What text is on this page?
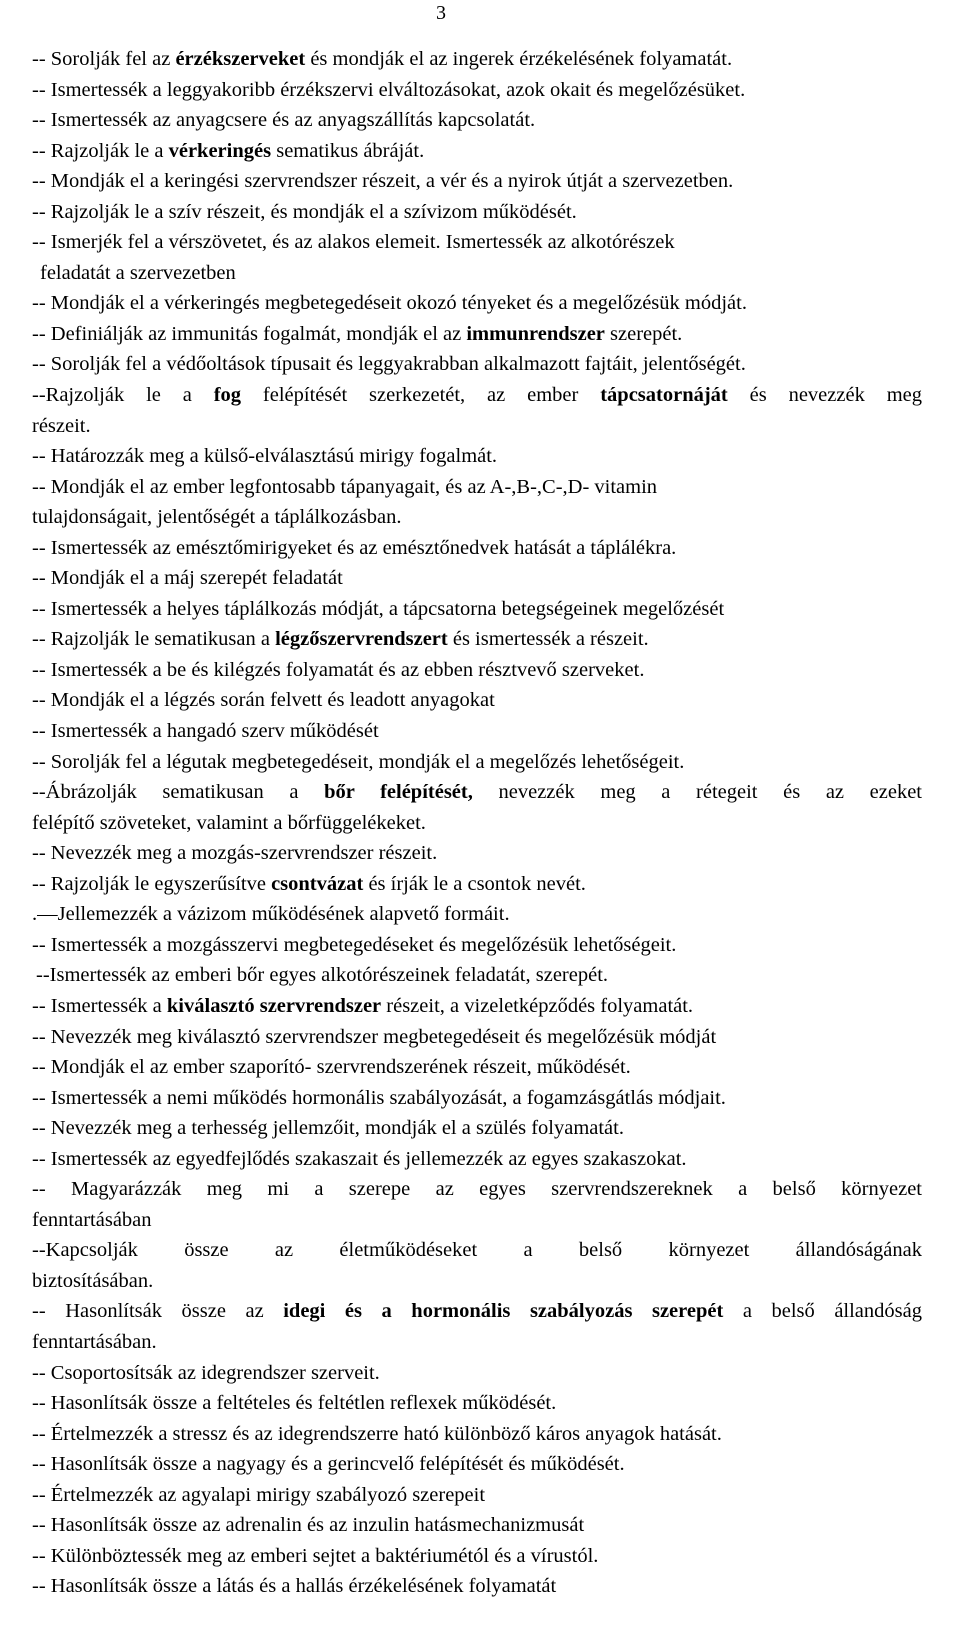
3
-- Sorolják fel az érzékszerveket és mondják el az ingerek érzékelésének folyamatát.
-- Ismertessék a leggyakoribb érzékszervi elváltozásokat, azok okait és megelőzésüket.
-- Ismertessék az anyagcsere és az anyagszállítás kapcsolatát.
-- Rajzolják le a vérkeringés sematikus ábráját.
-- Mondják el a keringési szervrendszer részeit, a vér és a nyirok útját a szervezetben.
-- Rajzolják le a szív részeit, és mondják el a szívizom működését.
-- Ismerjék fel a vérszövetet, és az alakos elemeit. Ismertessék az alkotórészek
feladatát a szervezetben
-- Mondják el a vérkeringés megbetegedéseit okozó tényeket és a megelőzésük módját.
-- Definiálják az immunitás fogalmát, mondják el az immunrendszer szerepét.
-- Sorolják fel a védőoltások típusait és leggyakrabban alkalmazott fajtáit, jelentőségét.
--Rajzolják le a fog felépítését szerkezetét, az ember tápcsatornáját és nevezzék meg
részeit.
-- Határozzák meg a külső-elválasztású mirigy fogalmát.
-- Mondják el az ember legfontosabb tápanyagait, és az A-,B-,C-,D- vitamin
tulajdonságait, jelentőségét a táplálkozásban.
-- Ismertessék az emésztőmirigyeket és az emésztőnedvek hatását a táplálékra.
-- Mondják el a máj szerepét feladatát
-- Ismertessék a helyes táplálkozás módját, a tápcsatorna betegségeinek megelőzését
-- Rajzolják le sematikusan a légzőszervrendszert és ismertessék a részeit.
-- Ismertessék a be és kilégzés folyamatát és az ebben résztvevő szerveket.
-- Mondják el a légzés során felvett és leadott anyagokat
-- Ismertessék a hangadó szerv működését
-- Sorolják fel a légutak megbetegedéseit, mondják el a megelőzés lehetőségeit.
--Ábrázolják sematikusan a bőr felépítését, nevezzék meg a rétegeit és az ezeket
felépítő szöveteket, valamint a bőrfüggelékeket.
-- Nevezzék meg a mozgás-szervrendszer részeit.
-- Rajzolják le egyszerűsítve csontvázat és írják le a csontok nevét.
.—Jellemezzék a vázizom működésének alapvető formáit.
-- Ismertessék a mozgásszervi megbetegedéseket és megelőzésük lehetőségeit.
--Ismertessék az emberi bőr egyes alkotórészeinek feladatát, szerepét.
-- Ismertessék a kiválasztó szervrendszer részeit, a vizeletképződés folyamatát.
-- Nevezzék meg kiválasztó szervrendszer megbetegedéseit és megelőzésük módját
-- Mondják el az ember szaporító- szervrendszerének részeit, működését.
-- Ismertessék a nemi működés hormonális szabályozását, a fogamzásgátlás módjait.
-- Nevezzék meg a terhesség jellemzőit, mondják el a szülés folyamatát.
-- Ismertessék az egyedfejlődés szakaszait és jellemezzék az egyes szakaszokat.
-- Magyarázzák meg mi a szerepe az egyes szervrendszereknek a belső környezet
fenntartásában
--Kapcsolják össze az életműködéseket a belső környezet állandóságának
biztosításában.
-- Hasonlítsák össze az idegi és a hormonális szabályozás szerepét a belső állandóság
fenntartásában.
-- Csoportosítsák az idegrendszer szerveit.
-- Hasonlítsák össze a feltételes és feltétlen reflexek működését.
-- Értelmezzék a stressz és az idegrendszerre ható különböző káros anyagok hatását.
-- Hasonlítsák össze a nagyagy és a gerincvelő felépítését és működését.
-- Értelmezzék az agyalapi mirigy szabályozó szerepeit
-- Hasonlítsák össze az adrenalin és az inzulin hatásmechanizmusát
-- Különböztessék meg az emberi sejtet a baktériumétól és a vírustól.
-- Hasonlítsák össze a látás és a hallás érzékelésének folyamatát
